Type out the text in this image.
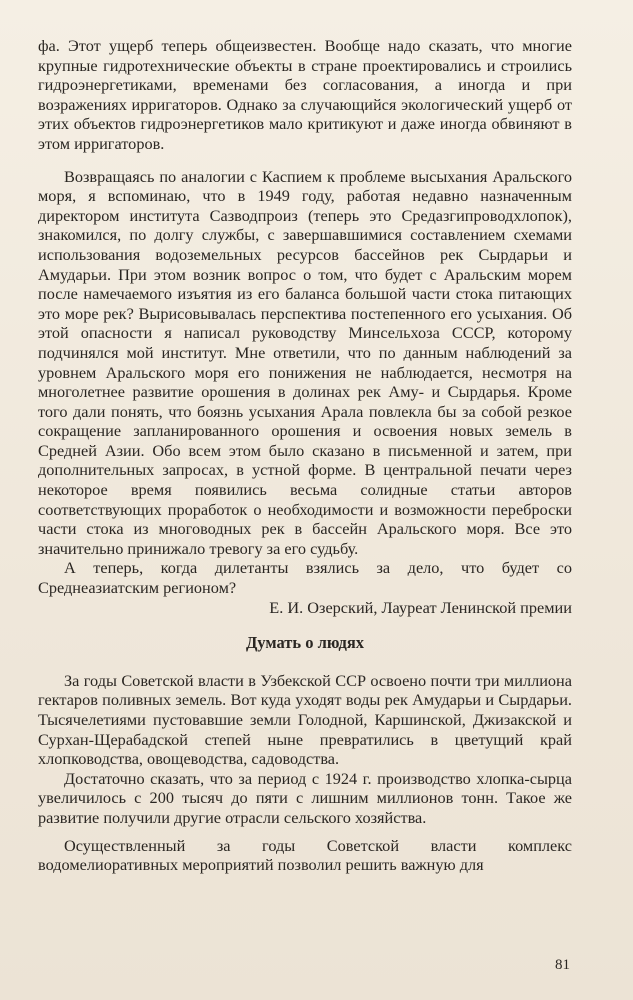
фа. Этот ущерб теперь общеизвестен. Вообще надо сказать, что многие крупные гидротехнические объекты в стране проектировались и строились гидроэнергетиками, временами без согласования, а иногда и при возражениях ирригаторов. Однако за случающийся экологический ущерб от этих объектов гидроэнергетиков мало критикуют и даже иногда обвиняют в этом ирригаторов.

Возвращаясь по аналогии с Каспием к проблеме высыхания Аральского моря, я вспоминаю, что в 1949 году, работая недавно назначенным директором института Сазводпроиз (теперь это Средазгипроводхлопок), знакомился, по долгу службы, с завершавшимися составлением схемами использования водоземельных ресурсов бассейнов рек Сырдарьи и Амударьи. При этом возник вопрос о том, что будет с Аральским морем после намечаемого изъятия из его баланса большой части стока питающих это море рек? Вырисовывалась перспектива постепенного его усыхания. Об этой опасности я написал руководству Минсельхоза СССР, которому подчинялся мой институт. Мне ответили, что по данным наблюдений за уровнем Аральского моря его понижения не наблюдается, несмотря на многолетнее развитие орошения в долинах рек Аму- и Сырдарья. Кроме того дали понять, что боязнь усыхания Арала повлекла бы за собой резкое сокращение запланированного орошения и освоения новых земель в Средней Азии. Обо всем этом было сказано в письменной и затем, при дополнительных запросах, в устной форме. В центральной печати через некоторое время появились весьма солидные статьи авторов соответствующих проработок о необходимости и возможности переброски части стока из многоводных рек в бассейн Аральского моря. Все это значительно принижало тревогу за его судьбу.

А теперь, когда дилетанты взялись за дело, что будет со Среднеазиатским регионом?

Е. И. Озерский, Лауреат Ленинской премии

Думать о людях

За годы Советской власти в Узбекской ССР освоено почти три миллиона гектаров поливных земель. Вот куда уходят воды рек Амударьи и Сырдарьи. Тысячелетиями пустовавшие земли Голодной, Каршинской, Джизакской и Сурхан-Щерабадской степей ныне превратились в цветущий край хлопководства, овощеводства, садоводства.

Достаточно сказать, что за период с 1924 г. производство хлопка-сырца увеличилось с 200 тысяч до пяти с лишним миллионов тонн. Такое же развитие получили другие отрасли сельского хозяйства.

Осуществленный за годы Советской власти комплекс водомелиоративных мероприятий позволил решить важную для

81
